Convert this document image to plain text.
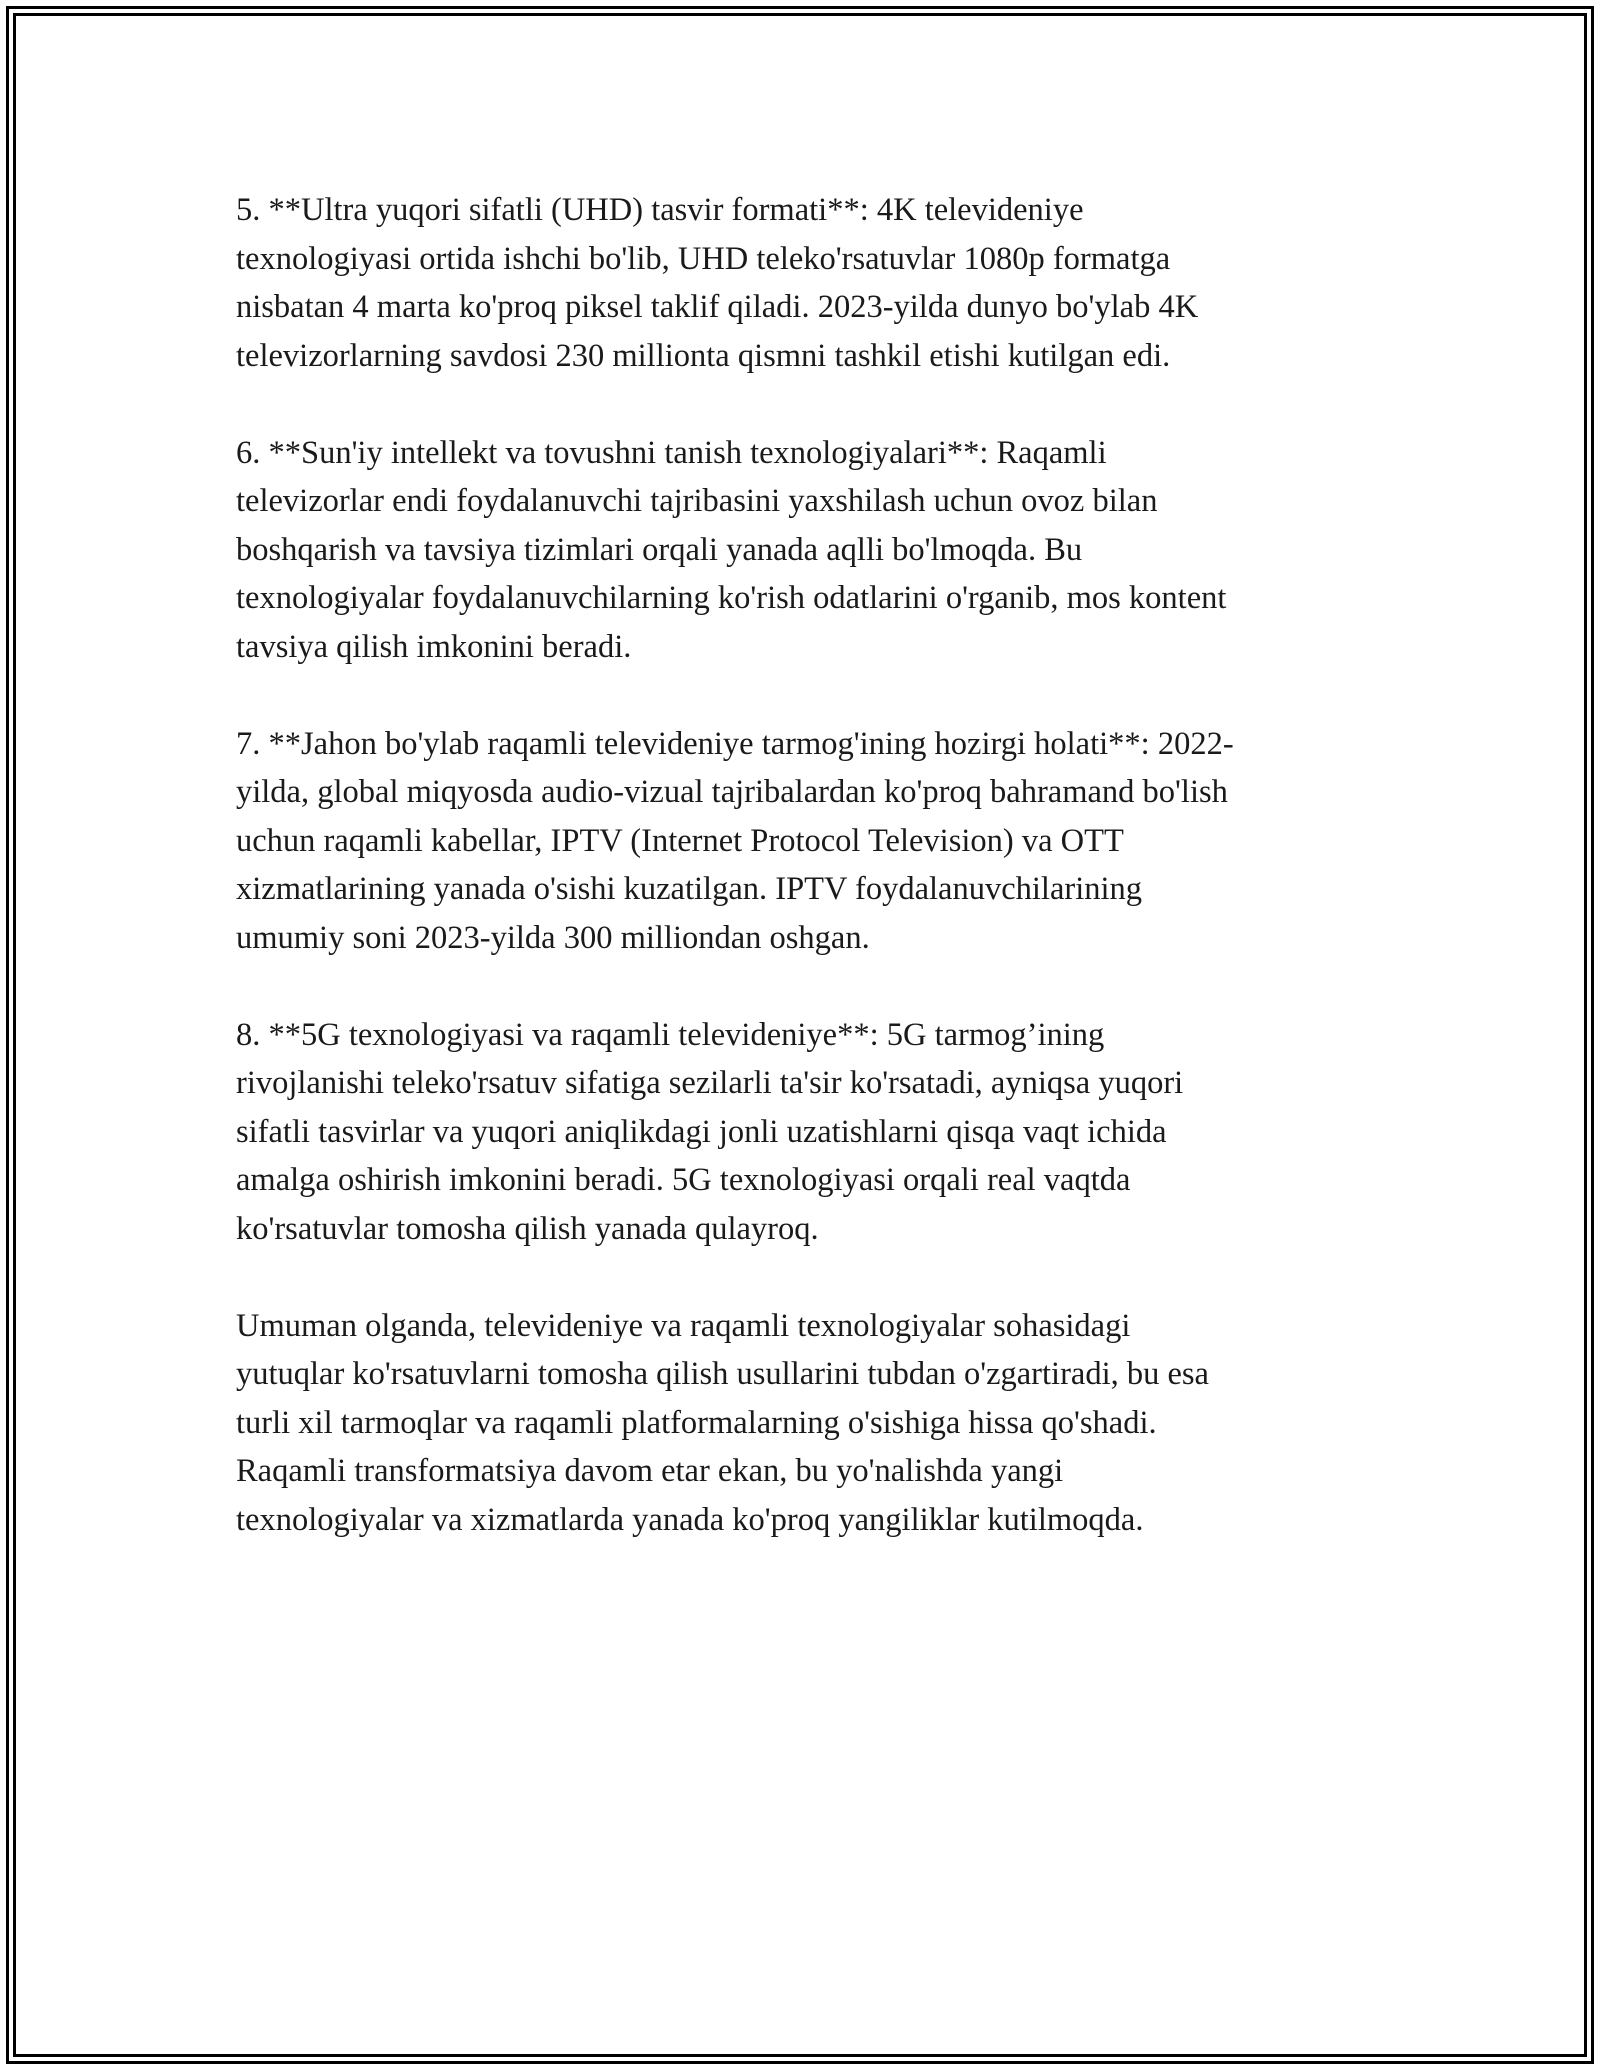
5. **Ultra yuqori sifatli (UHD) tasvir formati**: 4K televideniye
texnologiyasi ortida ishchi bo'lib, UHD teleko'rsatuvlar 1080p formatga
nisbatan 4 marta ko'proq piksel taklif qiladi. 2023-yilda dunyo bo'ylab 4K
televizorlarning savdosi 230 millionta qismni tashkil etishi kutilgan edi.

6. **Sun'iy intellekt va tovushni tanish texnologiyalari**: Raqamli
televizorlar endi foydalanuvchi tajribasini yaxshilash uchun ovoz bilan
boshqarish va tavsiya tizimlari orqali yanada aqlli bo'lmoqda. Bu
texnologiyalar foydalanuvchilarning ko'rish odatlarini o'rganib, mos kontent
tavsiya qilish imkonini beradi.

7. **Jahon bo'ylab raqamli televideniye tarmog'ining hozirgi holati**: 2022-
yilda, global miqyosda audio-vizual tajribalardan ko'proq bahramand bo'lish
uchun raqamli kabellar, IPTV (Internet Protocol Television) va OTT
xizmatlarining yanada o'sishi kuzatilgan. IPTV foydalanuvchilarining
umumiy soni 2023-yilda 300 milliondan oshgan.

8. **5G texnologiyasi va raqamli televideniye**: 5G tarmog’ining
rivojlanishi teleko'rsatuv sifatiga sezilarli ta'sir ko'rsatadi, ayniqsa yuqori
sifatli tasvirlar va yuqori aniqlikdagi jonli uzatishlarni qisqa vaqt ichida
amalga oshirish imkonini beradi. 5G texnologiyasi orqali real vaqtda
ko'rsatuvlar tomosha qilish yanada qulayroq.

Umuman olganda, televideniye va raqamli texnologiyalar sohasidagi
yutuqlar ko'rsatuvlarni tomosha qilish usullarini tubdan o'zgartiradi, bu esa
turli xil tarmoqlar va raqamli platformalarning o'sishiga hissa qo'shadi.
Raqamli transformatsiya davom etar ekan, bu yo'nalishda yangi
texnologiyalar va xizmatlarda yanada ko'proq yangiliklar kutilmoqda.
